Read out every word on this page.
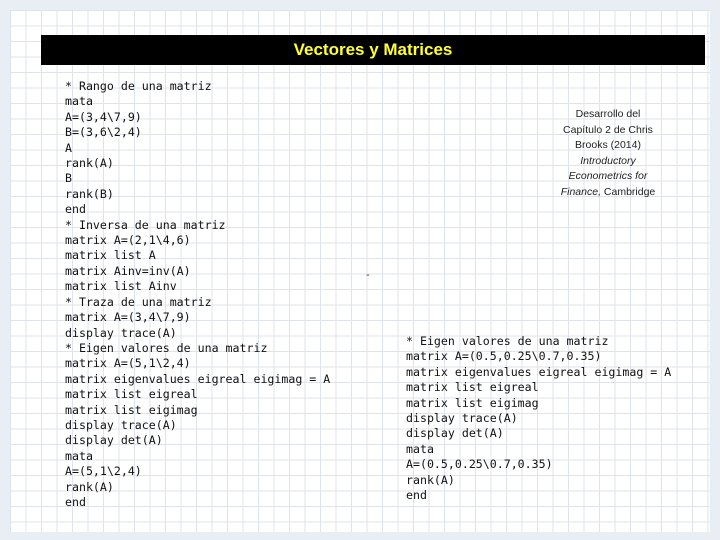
Vectores y Matrices
* Rango de una matriz
mata
A=(3,4\7,9)
B=(3,6\2,4)
A
rank(A)
B
rank(B)
end
* Inversa de una matriz
matrix A=(2,1\4,6)
matrix list A
matrix Ainv=inv(A)
matrix list Ainv
* Traza de una matriz
matrix A=(3,4\7,9)
display trace(A)
* Eigen valores de una matriz
matrix A=(5,1\2,4)
matrix eigenvalues eigreal eigimag = A
matrix list eigreal
matrix list eigimag
display trace(A)
display det(A)
mata
A=(5,1\2,4)
rank(A)
end
-
Desarrollo del
Capítulo 2 de Chris
Brooks (2014)
Introductory
Econometrics for
Finance, Cambridge
* Eigen valores de una matriz
matrix A=(0.5,0.25\0.7,0.35)
matrix eigenvalues eigreal eigimag = A
matrix list eigreal
matrix list eigimag
display trace(A)
display det(A)
mata
A=(0.5,0.25\0.7,0.35)
rank(A)
end
